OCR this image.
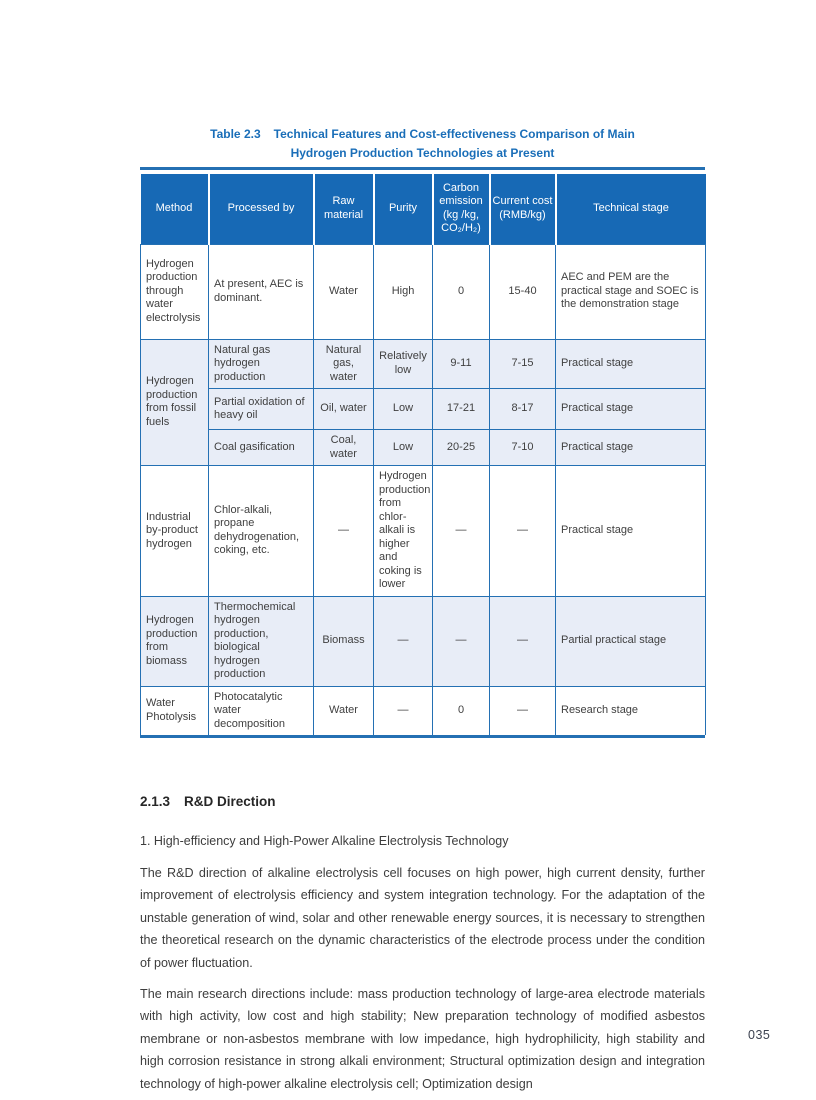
Table 2.3 Technical Features and Cost-effectiveness Comparison of Main
Hydrogen Production Technologies at Present
Method	Processed by	Raw material	Purity	Carbon emission (kg /kg, CO₂/H₂)	Current cost (RMB/kg)	Technical stage
Hydrogen production through water electrolysis	At present, AEC is dominant.	Water	High	0	15-40	AEC and PEM are the practical stage and SOEC is the demonstration stage
Hydrogen production from fossil fuels	Natural gas hydrogen production	Natural gas, water	Relatively low	9-11	7-15	Practical stage
	Partial oxidation of heavy oil	Oil, water	Low	17-21	8-17	Practical stage
	Coal gasification	Coal, water	Low	20-25	7-10	Practical stage
Industrial by-product hydrogen	Chlor-alkali, propane dehydrogenation, coking, etc.	—	Hydrogen production from chlor-alkali is higher and coking is lower	—	—	Practical stage
Hydrogen production from biomass	Thermochemical hydrogen production, biological hydrogen production	Biomass	—	—	—	Partial practical stage
Water Photolysis	Photocatalytic water decomposition	Water	—	0	—	Research stage
2.1.3 R&D Direction
1. High-efficiency and High-Power Alkaline Electrolysis Technology

The R&D direction of alkaline electrolysis cell focuses on high power, high current density, further improvement of electrolysis efficiency and system integration technology. For the adaptation of the unstable generation of wind, solar and other renewable energy sources, it is necessary to strengthen the theoretical research on the dynamic characteristics of the electrode process under the condition of power fluctuation.

The main research directions include: mass production technology of large-area electrode materials with high activity, low cost and high stability; New preparation technology of modified asbestos membrane or non-asbestos membrane with low impedance, high hydrophilicity, high stability and high corrosion resistance in strong alkali environment; Structural optimization design and integration technology of high-power alkaline electrolysis cell; Optimization design

035
